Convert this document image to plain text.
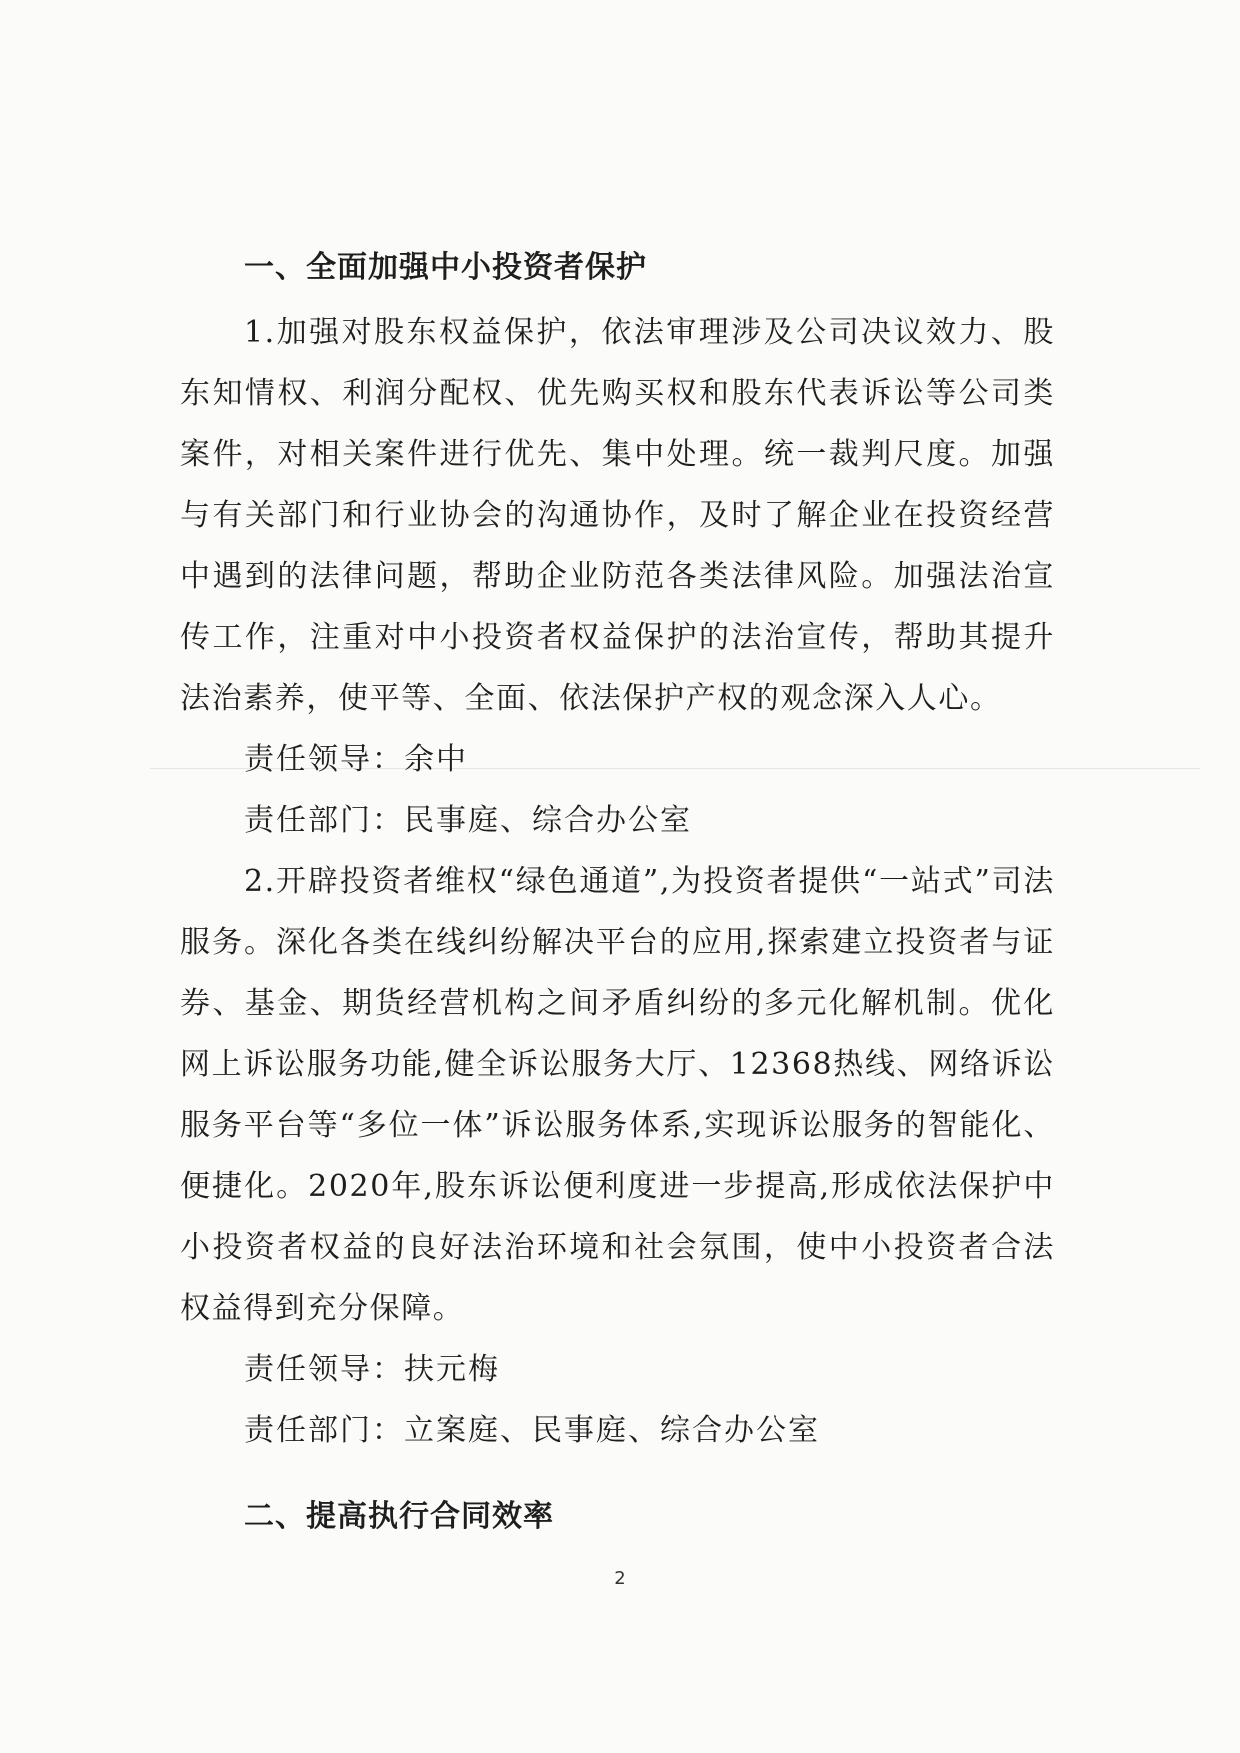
一、全面加强中小投资者保护

1.加强对股东权益保护，依法审理涉及公司决议效力、股东知情权、利润分配权、优先购买权和股东代表诉讼等公司类案件，对相关案件进行优先、集中处理。统一裁判尺度。加强与有关部门和行业协会的沟通协作，及时了解企业在投资经营中遇到的法律问题，帮助企业防范各类法律风险。加强法治宣传工作，注重对中小投资者权益保护的法治宣传，帮助其提升法治素养，使平等、全面、依法保护产权的观念深入人心。

责任领导：余中

责任部门：民事庭、综合办公室

2.开辟投资者维权“绿色通道”,为投资者提供“一站式”司法服务。深化各类在线纠纷解决平台的应用,探索建立投资者与证券、基金、期货经营机构之间矛盾纠纷的多元化解机制。优化网上诉讼服务功能,健全诉讼服务大厅、12368热线、网络诉讼服务平台等“多位一体”诉讼服务体系,实现诉讼服务的智能化、便捷化。2020年,股东诉讼便利度进一步提高,形成依法保护中小投资者权益的良好法治环境和社会氛围，使中小投资者合法权益得到充分保障。

责任领导：扶元梅

责任部门：立案庭、民事庭、综合办公室

二、提高执行合同效率
2
